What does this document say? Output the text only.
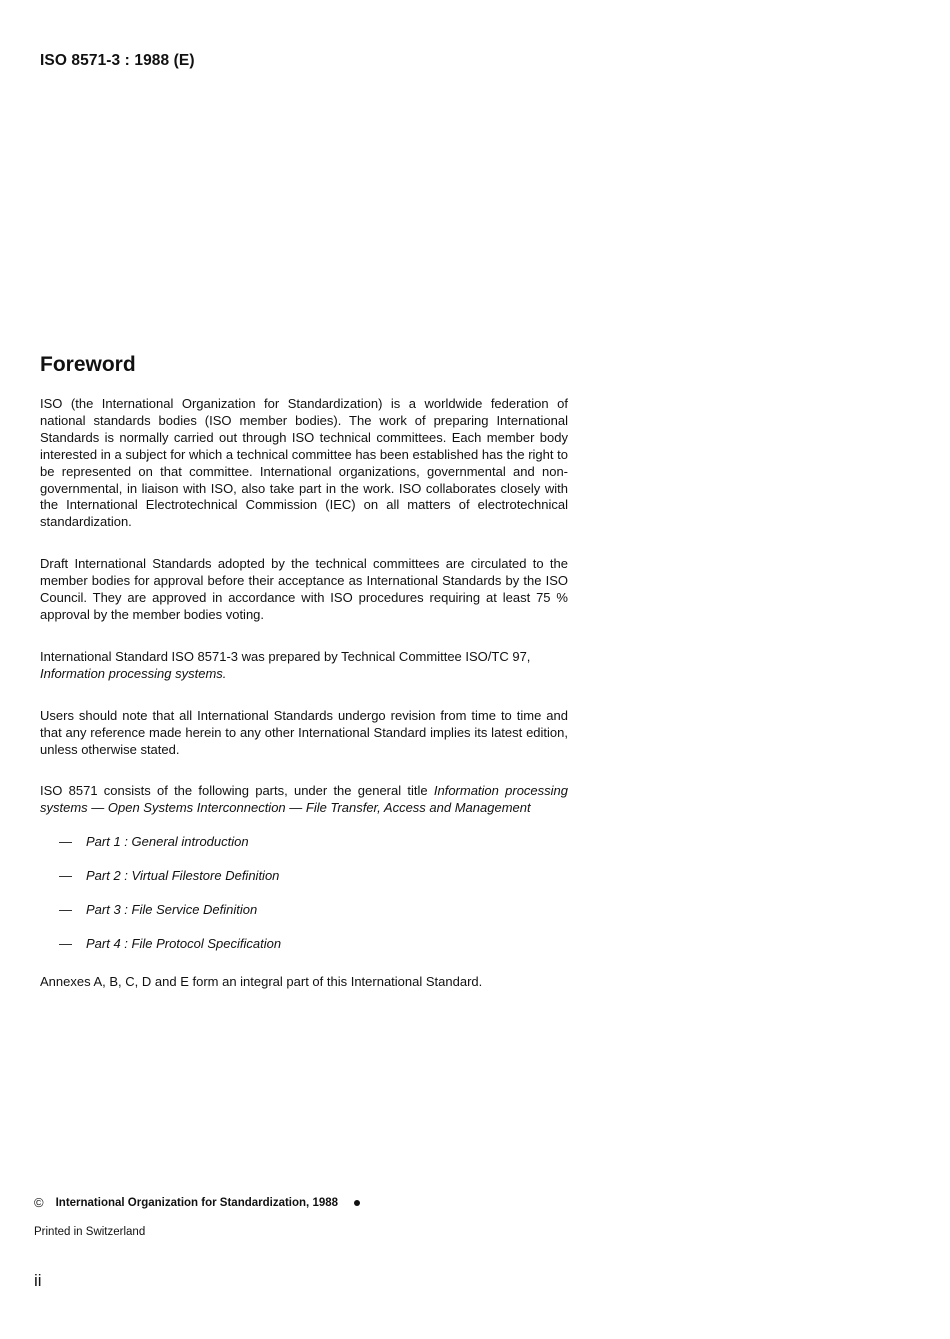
ISO 8571-3 : 1988 (E)
Foreword

ISO (the International Organization for Standardization) is a worldwide federation of national standards bodies (ISO member bodies). The work of preparing International Standards is normally carried out through ISO technical committees. Each member body interested in a subject for which a technical committee has been established has the right to be represented on that committee. International organizations, governmental and non-governmental, in liaison with ISO, also take part in the work. ISO collaborates closely with the International Electrotechnical Commission (IEC) on all matters of electrotechnical standardization.

Draft International Standards adopted by the technical committees are circulated to the member bodies for approval before their acceptance as International Standards by the ISO Council. They are approved in accordance with ISO procedures requiring at least 75 % approval by the member bodies voting.

International Standard ISO 8571-3 was prepared by Technical Committee ISO/TC 97,
Information processing systems.

Users should note that all International Standards undergo revision from time to time and that any reference made herein to any other International Standard implies its latest edition, unless otherwise stated.

ISO 8571 consists of the following parts, under the general title Information processing systems — Open Systems Interconnection — File Transfer, Access and Management

—	Part 1 : General introduction
—	Part 2 : Virtual Filestore Definition
—	Part 3 : File Service Definition
—	Part 4 : File Protocol Specification

Annexes A, B, C, D and E form an integral part of this International Standard.

© International Organization for Standardization, 1988
Printed in Switzerland
ii
